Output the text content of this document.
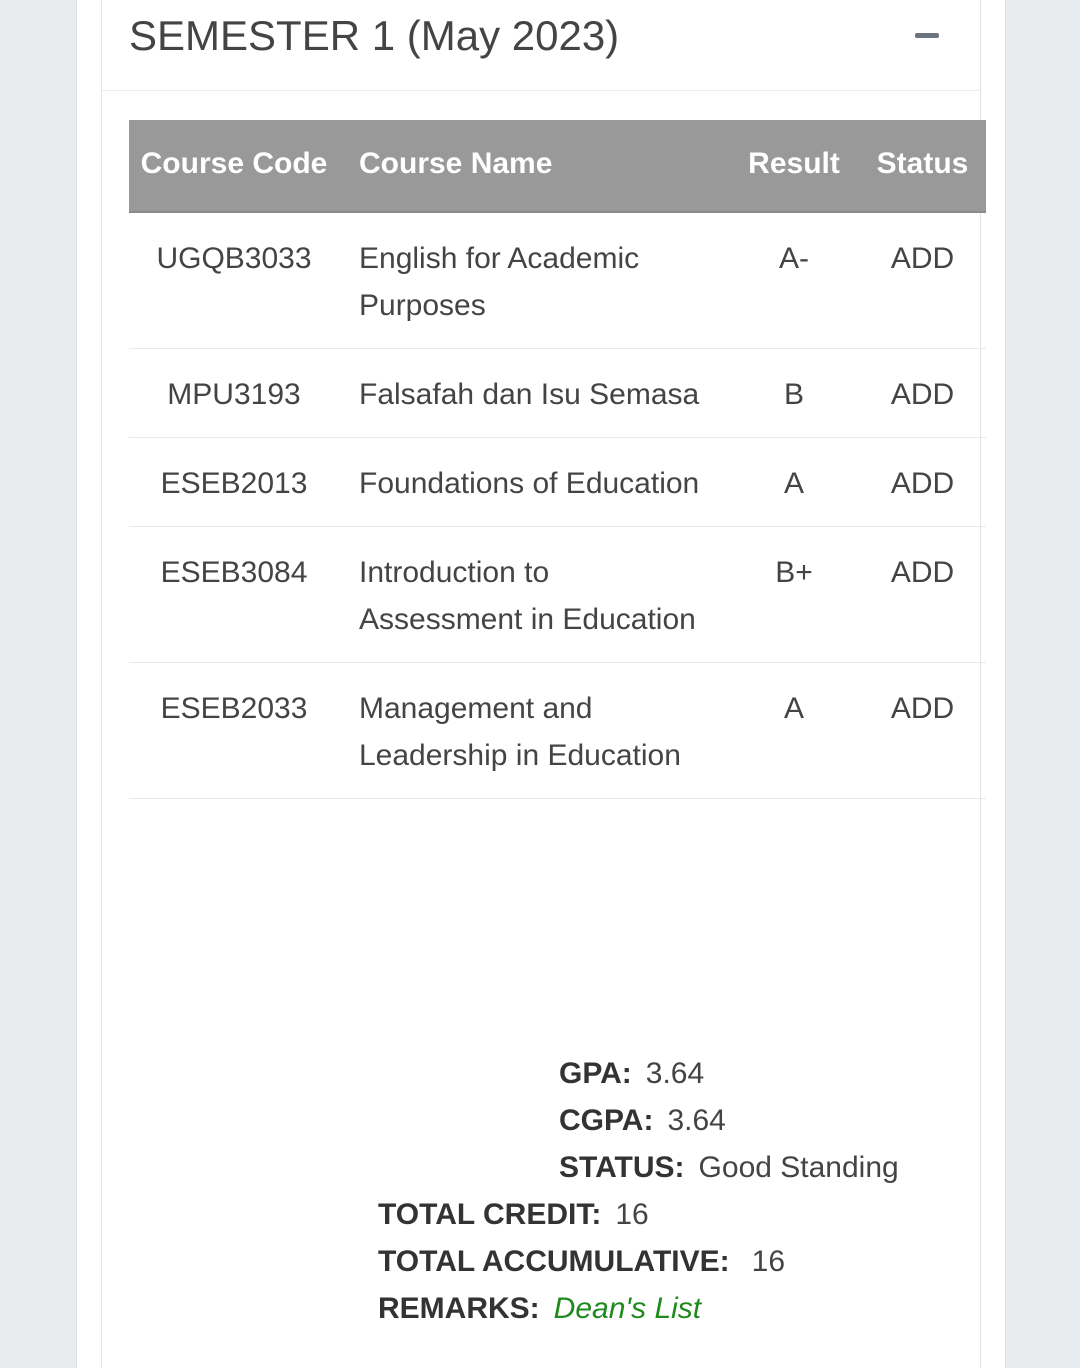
SEMESTER 1 (May 2023)
Course Code	Course Name	Result	Status
UGQB3033	English for Academic Purposes	A-	ADD
MPU3193	Falsafah dan Isu Semasa	B	ADD
ESEB2013	Foundations of Education	A	ADD
ESEB3084	Introduction to Assessment in Education	B+	ADD
ESEB2033	Management and Leadership in Education	A	ADD
GPA: 3.64
CGPA: 3.64
STATUS: Good Standing
TOTAL CREDIT: 16
TOTAL ACCUMULATIVE: 16
REMARKS: Dean's List
